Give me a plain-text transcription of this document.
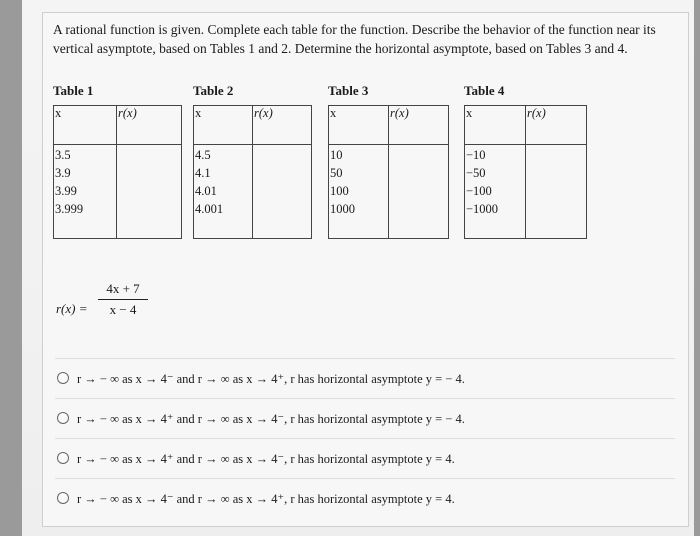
A rational function is given. Complete each table for the function. Describe the behavior of the function near its vertical asymptote, based on Tables 1 and 2. Determine the horizontal asymptote, based on Tables 3 and 4.
Table 1
x	r(x)

3.5
3.9
3.99
3.999	

Table 2
x	r(x)

4.5
4.1
4.01
4.001	

Table 3
x	r(x)

10
50
100
1000	

Table 4
x	r(x)

−10
−50
−100
−1000	

r(x) =
4x + 7
x − 4
r → − ∞ as x → 4⁻ and r → ∞ as x → 4⁺, r has horizontal asymptote y = − 4.
r → − ∞ as x → 4⁺ and r → ∞ as x → 4⁻, r has horizontal asymptote y = − 4.
r → − ∞ as x → 4⁺ and r → ∞ as x → 4⁻, r has horizontal asymptote y = 4.
r → − ∞ as x → 4⁻ and r → ∞ as x → 4⁺, r has horizontal asymptote y = 4.
